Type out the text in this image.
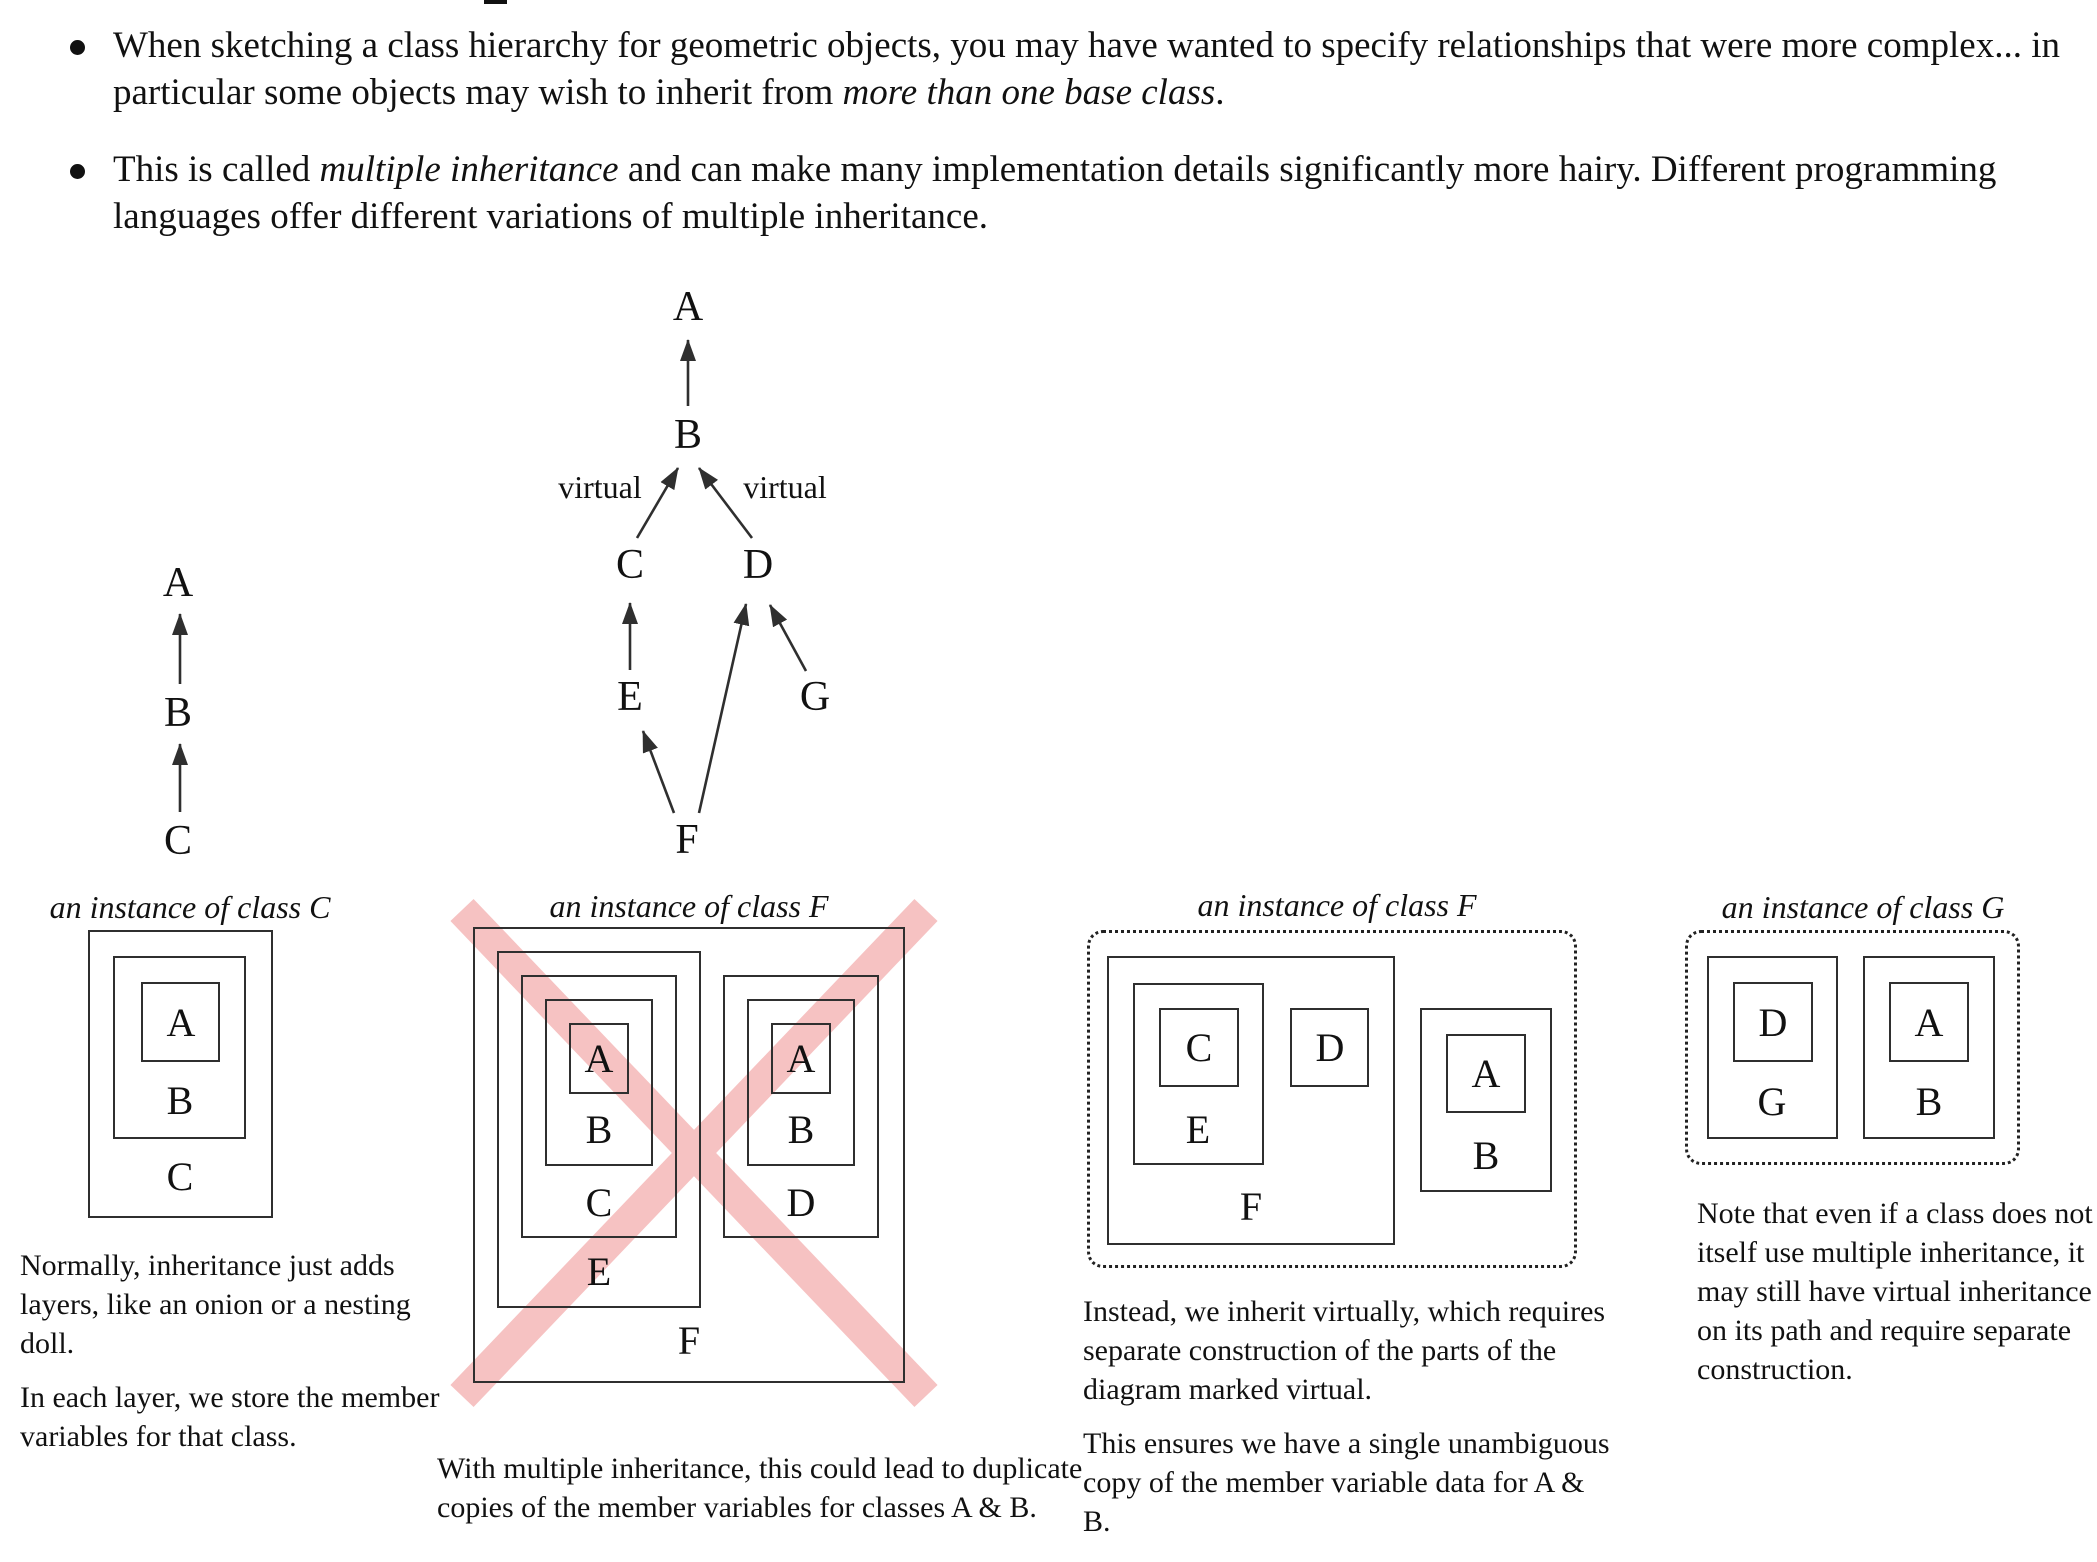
When sketching a class hierarchy for geometric objects, you may have wanted to specify relationships that were more complex... in particular some objects may wish to inherit from more than one base class.
This is called multiple inheritance and can make many implementation details significantly more hairy. Different programming languages offer different variations of multiple inheritance.
A
B
C
A
B
virtual	virtual
C D
E	G
F
an instance of class C
A
B
C
an instance of class F
A
B
C
E
A
B
D
F
an instance of class F
C	D
E
F
A
B
an instance of class G
D
G
A
B

Normally, inheritance just adds layers, like an onion or a nesting doll.

In each layer, we store the member variables for that class.

With multiple inheritance, this could lead to duplicate copies of the member variables for classes A & B.

Instead, we inherit virtually, which requires separate construction of the parts of the diagram marked virtual.

This ensures we have a single unambiguous copy of the member variable data for A & B.

Note that even if a class does not itself use multiple inheritance, it may still have virtual inheritance on its path and require separate construction.
